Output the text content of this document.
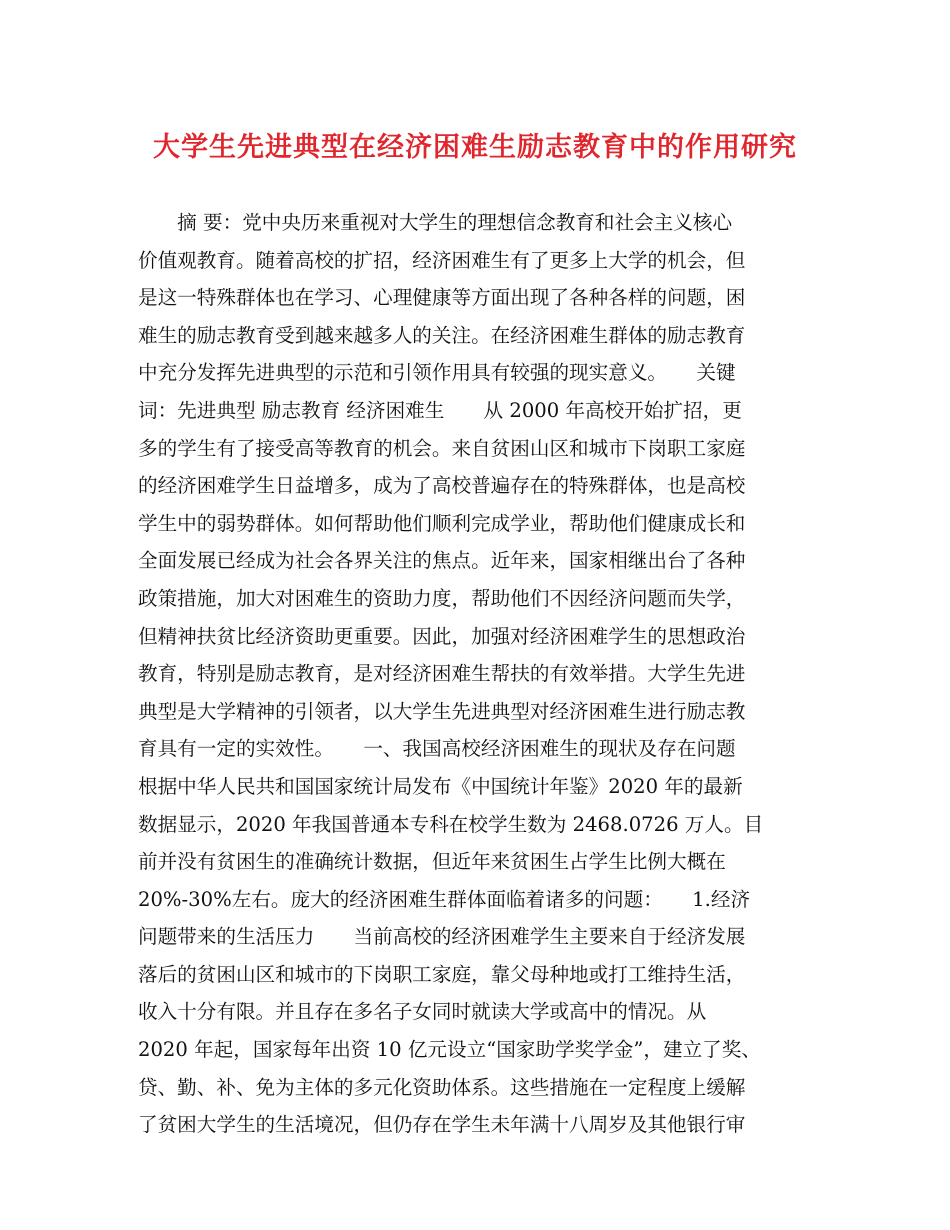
大学生先进典型在经济困难生励志教育中的作用研究
　　摘 要：党中央历来重视对大学生的理想信念教育和社会主义核心
价值观教育。随着高校的扩招，经济困难生有了更多上大学的机会，但
是这一特殊群体也在学习、心理健康等方面出现了各种各样的问题，困
难生的励志教育受到越来越多人的关注。在经济困难生群体的励志教育
中充分发挥先进典型的示范和引领作用具有较强的现实意义。　　关键
词：先进典型 励志教育 经济困难生　　从 2000 年高校开始扩招，更
多的学生有了接受高等教育的机会。来自贫困山区和城市下岗职工家庭
的经济困难学生日益增多，成为了高校普遍存在的特殊群体，也是高校
学生中的弱势群体。如何帮助他们顺利完成学业，帮助他们健康成长和
全面发展已经成为社会各界关注的焦点。近年来，国家相继出台了各种
政策措施，加大对困难生的资助力度，帮助他们不因经济问题而失学，
但精神扶贫比经济资助更重要。因此，加强对经济困难学生的思想政治
教育，特别是励志教育，是对经济困难生帮扶的有效举措。大学生先进
典型是大学精神的引领者，以大学生先进典型对经济困难生进行励志教
育具有一定的实效性。　　一、我国高校经济困难生的现状及存在问题
根据中华人民共和国国家统计局发布《中国统计年鉴》2020 年的最新
数据显示，2020 年我国普通本专科在校学生数为 2468.0726 万人。目
前并没有贫困生的准确统计数据，但近年来贫困生占学生比例大概在
20%-30%左右。庞大的经济困难生群体面临着诸多的问题：　　1.经济
问题带来的生活压力　　当前高校的经济困难学生主要来自于经济发展
落后的贫困山区和城市的下岗职工家庭，靠父母种地或打工维持生活，
收入十分有限。并且存在多名子女同时就读大学或高中的情况。从
2020 年起，国家每年出资 10 亿元设立“国家助学奖学金”，建立了奖、
贷、勤、补、免为主体的多元化资助体系。这些措施在一定程度上缓解
了贫困大学生的生活境况，但仍存在学生未年满十八周岁及其他银行审
